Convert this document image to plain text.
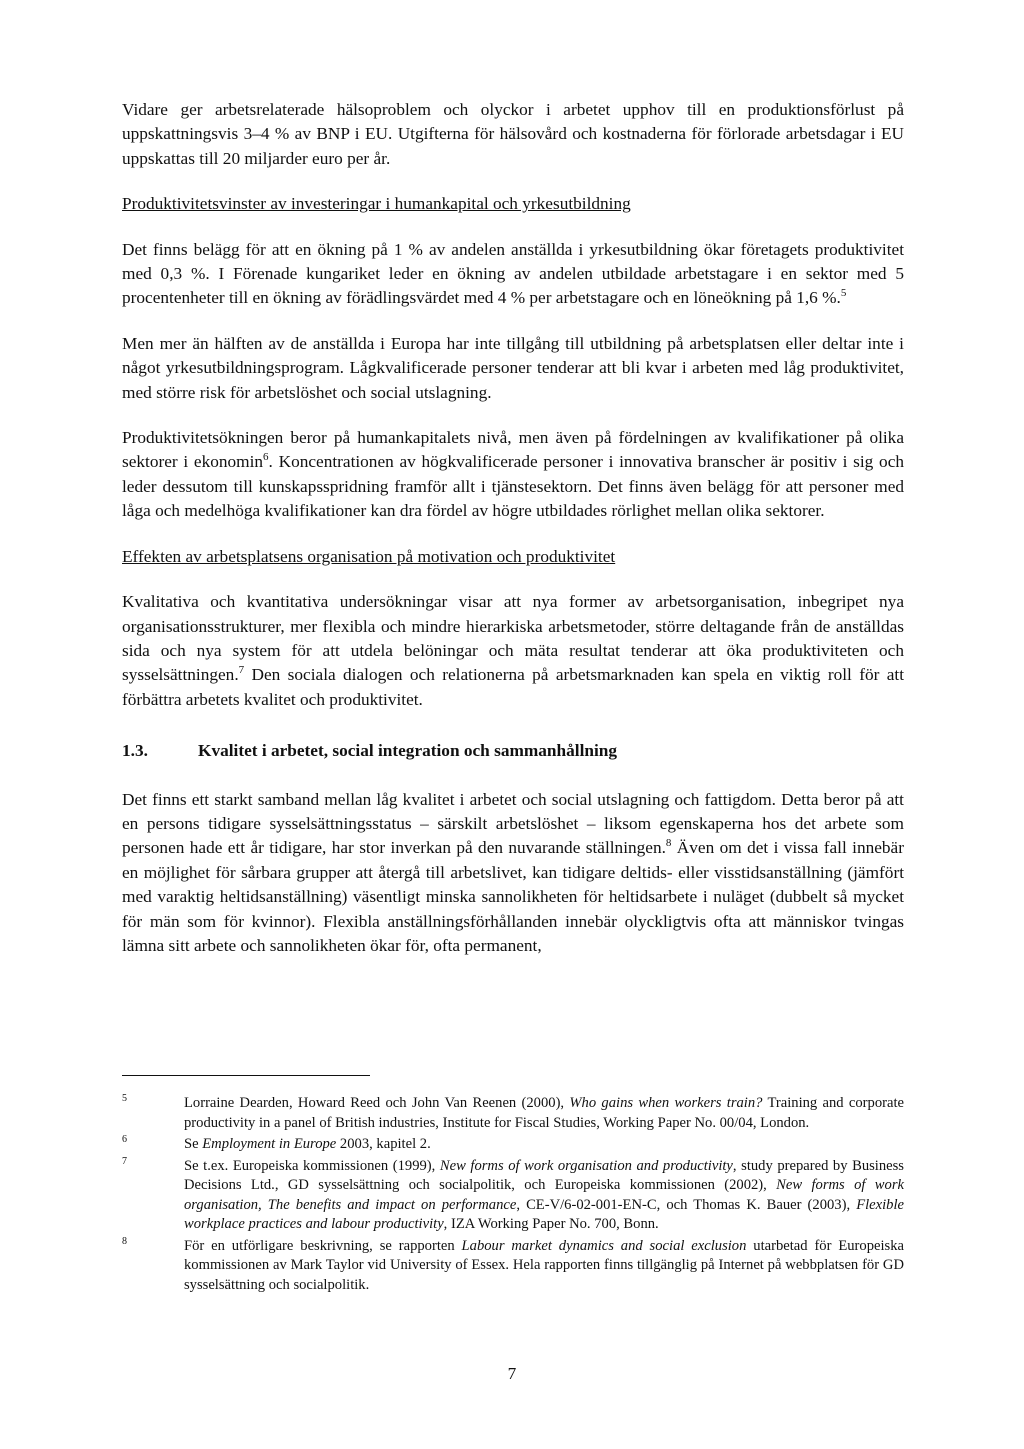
Vidare ger arbetsrelaterade hälsoproblem och olyckor i arbetet upphov till en produktionsförlust på uppskattningsvis 3–4 % av BNP i EU. Utgifterna för hälsovård och kostnaderna för förlorade arbetsdagar i EU uppskattas till 20 miljarder euro per år.

Produktivitetsvinster av investeringar i humankapital och yrkesutbildning

Det finns belägg för att en ökning på 1 % av andelen anställda i yrkesutbildning ökar företagets produktivitet med 0,3 %. I Förenade kungariket leder en ökning av andelen utbildade arbetstagare i en sektor med 5 procentenheter till en ökning av förädlingsvärdet med 4 % per arbetstagare och en löneökning på 1,6 %.$^5$

Men mer än hälften av de anställda i Europa har inte tillgång till utbildning på arbetsplatsen eller deltar inte i något yrkesutbildningsprogram. Lågkvalificerade personer tenderar att bli kvar i arbeten med låg produktivitet, med större risk för arbetslöshet och social utslagning.

Produktivitetsökningen beror på humankapitalets nivå, men även på fördelningen av kvalifikationer på olika sektorer i ekonomin$^6$. Koncentrationen av högkvalificerade personer i innovativa branscher är positiv i sig och leder dessutom till kunskapsspridning framför allt i tjänstesektorn. Det finns även belägg för att personer med låga och medelhöga kvalifikationer kan dra fördel av högre utbildades rörlighet mellan olika sektorer.

Effekten av arbetsplatsens organisation på motivation och produktivitet

Kvalitativa och kvantitativa undersökningar visar att nya former av arbetsorganisation, inbegripet nya organisationsstrukturer, mer flexibla och mindre hierarkiska arbetsmetoder, större deltagande från de anställdas sida och nya system för att utdela belöningar och mäta resultat tenderar att öka produktiviteten och sysselsättningen.$^7$ Den sociala dialogen och relationerna på arbetsmarknaden kan spela en viktig roll för att förbättra arbetets kvalitet och produktivitet.

1.3.	Kvalitet i arbetet, social integration och sammanhållning

Det finns ett starkt samband mellan låg kvalitet i arbetet och social utslagning och fattigdom. Detta beror på att en persons tidigare sysselsättningsstatus – särskilt arbetslöshet – liksom egenskaperna hos det arbete som personen hade ett år tidigare, har stor inverkan på den nuvarande ställningen.$^8$ Även om det i vissa fall innebär en möjlighet för sårbara grupper att återgå till arbetslivet, kan tidigare deltids- eller visstidsanställning (jämfört med varaktig heltidsanställning) väsentligt minska sannolikheten för heltidsarbete i nuläget (dubbelt så mycket för män som för kvinnor). Flexibla anställningsförhållanden innebär olyckligtvis ofta att människor tvingas lämna sitt arbete och sannolikheten ökar för, ofta permanent,

5	Lorraine Dearden, Howard Reed och John Van Reenen (2000), Who gains when workers train? Training and corporate productivity in a panel of British industries, Institute for Fiscal Studies, Working Paper No. 00/04, London.
6	Se Employment in Europe 2003, kapitel 2.
7	Se t.ex. Europeiska kommissionen (1999), New forms of work organisation and productivity, study prepared by Business Decisions Ltd., GD sysselsättning och socialpolitik, och Europeiska kommissionen (2002), New forms of work organisation, The benefits and impact on performance, CE-V/6-02-001-EN-C, och Thomas K. Bauer (2003), Flexible workplace practices and labour productivity, IZA Working Paper No. 700, Bonn.
8	För en utförligare beskrivning, se rapporten Labour market dynamics and social exclusion utarbetad för Europeiska kommissionen av Mark Taylor vid University of Essex. Hela rapporten finns tillgänglig på Internet på webbplatsen för GD sysselsättning och socialpolitik.
7
